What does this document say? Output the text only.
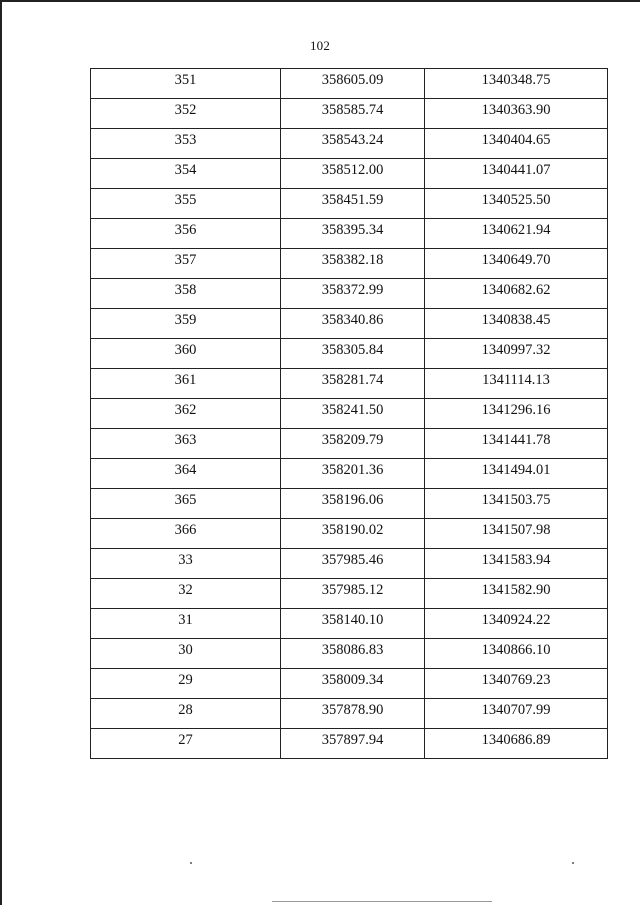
102
351	358605.09	1340348.75
352	358585.74	1340363.90
353	358543.24	1340404.65
354	358512.00	1340441.07
355	358451.59	1340525.50
356	358395.34	1340621.94
357	358382.18	1340649.70
358	358372.99	1340682.62
359	358340.86	1340838.45
360	358305.84	1340997.32
361	358281.74	1341114.13
362	358241.50	1341296.16
363	358209.79	1341441.78
364	358201.36	1341494.01
365	358196.06	1341503.75
366	358190.02	1341507.98
33	357985.46	1341583.94
32	357985.12	1341582.90
31	358140.10	1340924.22
30	358086.83	1340866.10
29	358009.34	1340769.23
28	357878.90	1340707.99
27	357897.94	1340686.89
